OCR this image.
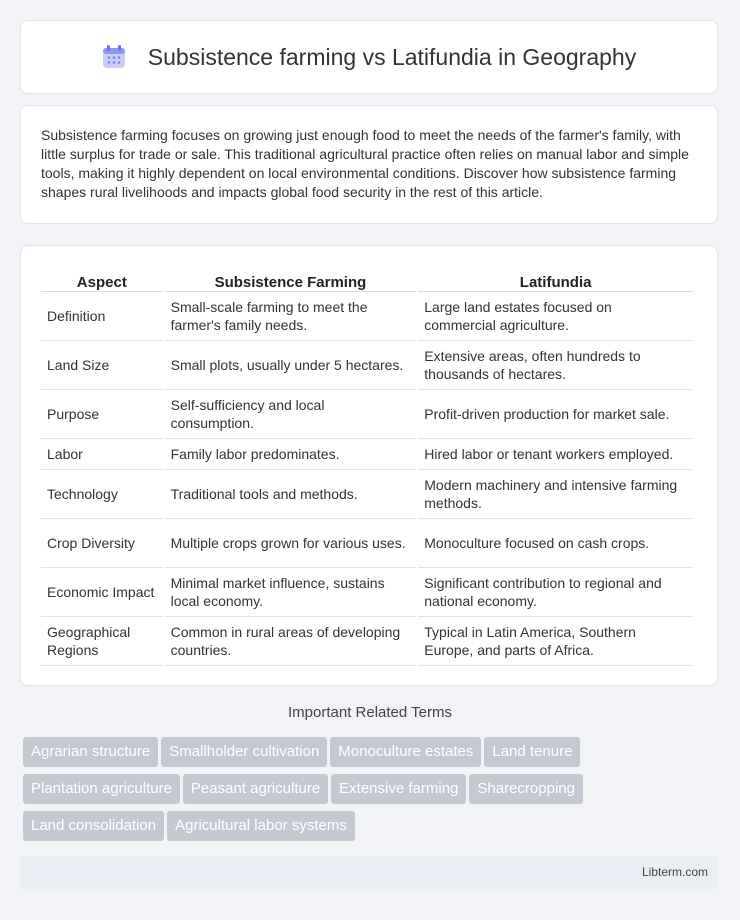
Subsistence farming vs Latifundia in Geography

Subsistence farming focuses on growing just enough food to meet the needs of the farmer's family, with little surplus for trade or sale. This traditional agricultural practice often relies on manual labor and simple tools, making it highly dependent on local environmental conditions. Discover how subsistence farming shapes rural livelihoods and impacts global food security in the rest of this article.

Aspect	Subsistence Farming	Latifundia
Definition	Small-scale farming to meet the farmer's family needs.	Large land estates focused on commercial agriculture.
Land Size	Small plots, usually under 5 hectares.	Extensive areas, often hundreds to thousands of hectares.
Purpose	Self-sufficiency and local consumption.	Profit-driven production for market sale.
Labor	Family labor predominates.	Hired labor or tenant workers employed.
Technology	Traditional tools and methods.	Modern machinery and intensive farming methods.
Crop Diversity	Multiple crops grown for various uses.	Monoculture focused on cash crops.
Economic Impact	Minimal market influence, sustains local economy.	Significant contribution to regional and national economy.
Geographical Regions	Common in rural areas of developing countries.	Typical in Latin America, Southern Europe, and parts of Africa.
Important Related Terms
Agrarian structure Smallholder cultivation Monoculture estates Land tenure
Plantation agriculture Peasant agriculture Extensive farming Sharecropping
Land consolidation Agricultural labor systems
Libterm.com
